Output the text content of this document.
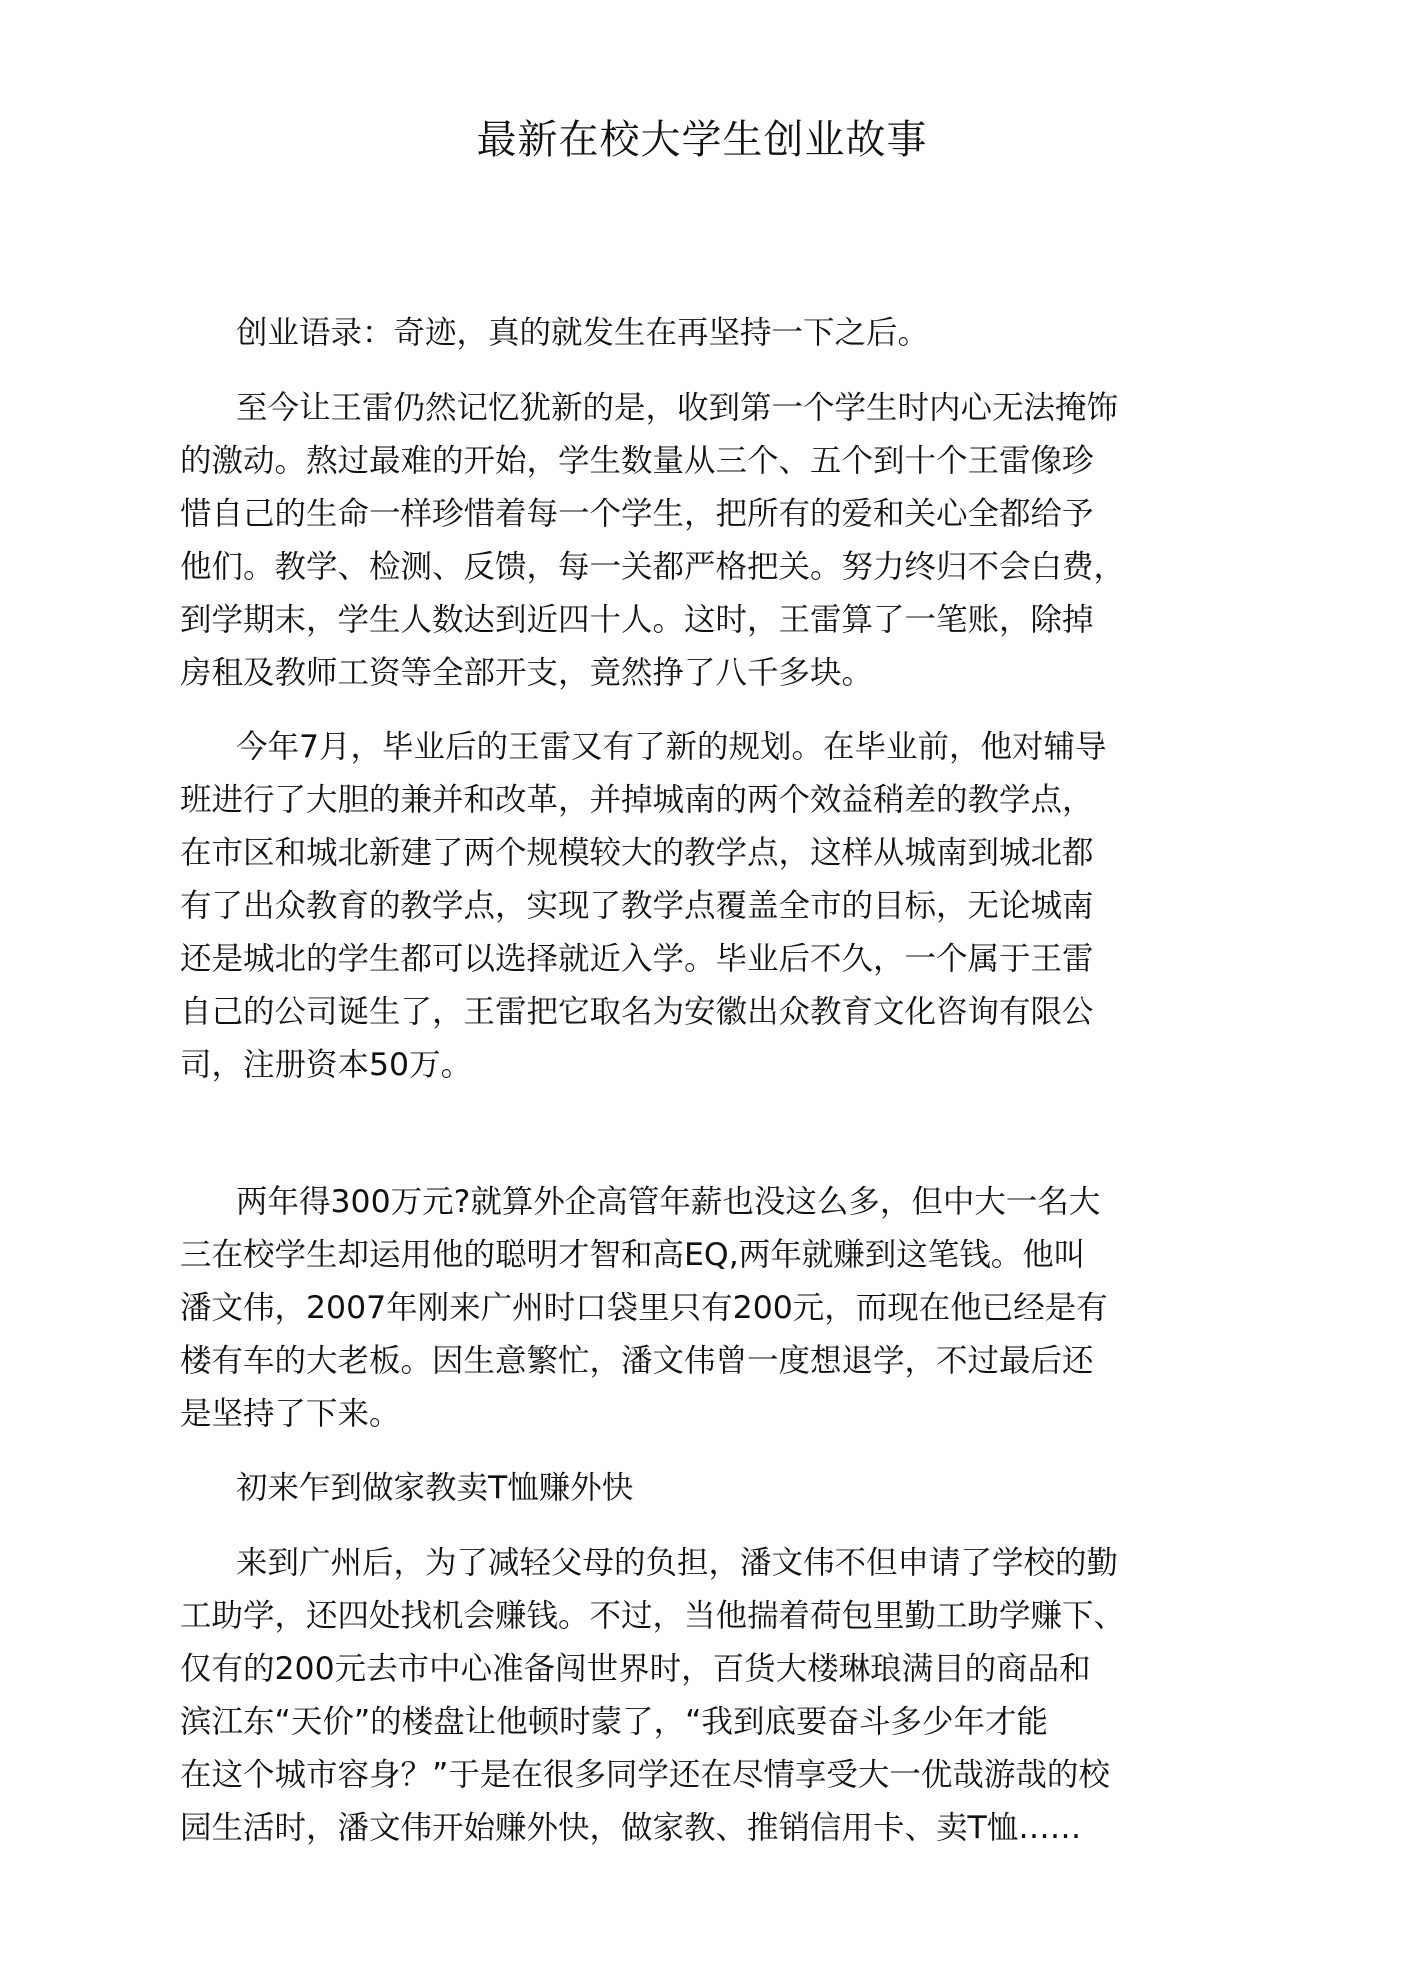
最新在校大学生创业故事
创业语录：奇迹，真的就发生在再坚持一下之后。
至今让王雷仍然记忆犹新的是，收到第一个学生时内心无法掩饰
的激动。熬过最难的开始，学生数量从三个、五个到十个王雷像珍
惜自己的生命一样珍惜着每一个学生，把所有的爱和关心全都给予
他们。教学、检测、反馈，每一关都严格把关。努力终归不会白费，
到学期末，学生人数达到近四十人。这时，王雷算了一笔账，除掉
房租及教师工资等全部开支，竟然挣了八千多块。
今年7月，毕业后的王雷又有了新的规划。在毕业前，他对辅导
班进行了大胆的兼并和改革，并掉城南的两个效益稍差的教学点，
在市区和城北新建了两个规模较大的教学点，这样从城南到城北都
有了出众教育的教学点，实现了教学点覆盖全市的目标，无论城南
还是城北的学生都可以选择就近入学。毕业后不久，一个属于王雷
自己的公司诞生了，王雷把它取名为安徽出众教育文化咨询有限公
司，注册资本50万。
两年得300万元?就算外企高管年薪也没这么多，但中大一名大
三在校学生却运用他的聪明才智和高EQ,两年就赚到这笔钱。他叫
潘文伟，2007年刚来广州时口袋里只有200元，而现在他已经是有
楼有车的大老板。因生意繁忙，潘文伟曾一度想退学，不过最后还
是坚持了下来。
初来乍到做家教卖T恤赚外快
来到广州后，为了减轻父母的负担，潘文伟不但申请了学校的勤
工助学，还四处找机会赚钱。不过，当他揣着荷包里勤工助学赚下、
仅有的200元去市中心准备闯世界时，百货大楼琳琅满目的商品和
滨江东“天价”的楼盘让他顿时蒙了，“我到底要奋斗多少年才能
在这个城市容身？”于是在很多同学还在尽情享受大一优哉游哉的校
园生活时，潘文伟开始赚外快，做家教、推销信用卡、卖T恤……
